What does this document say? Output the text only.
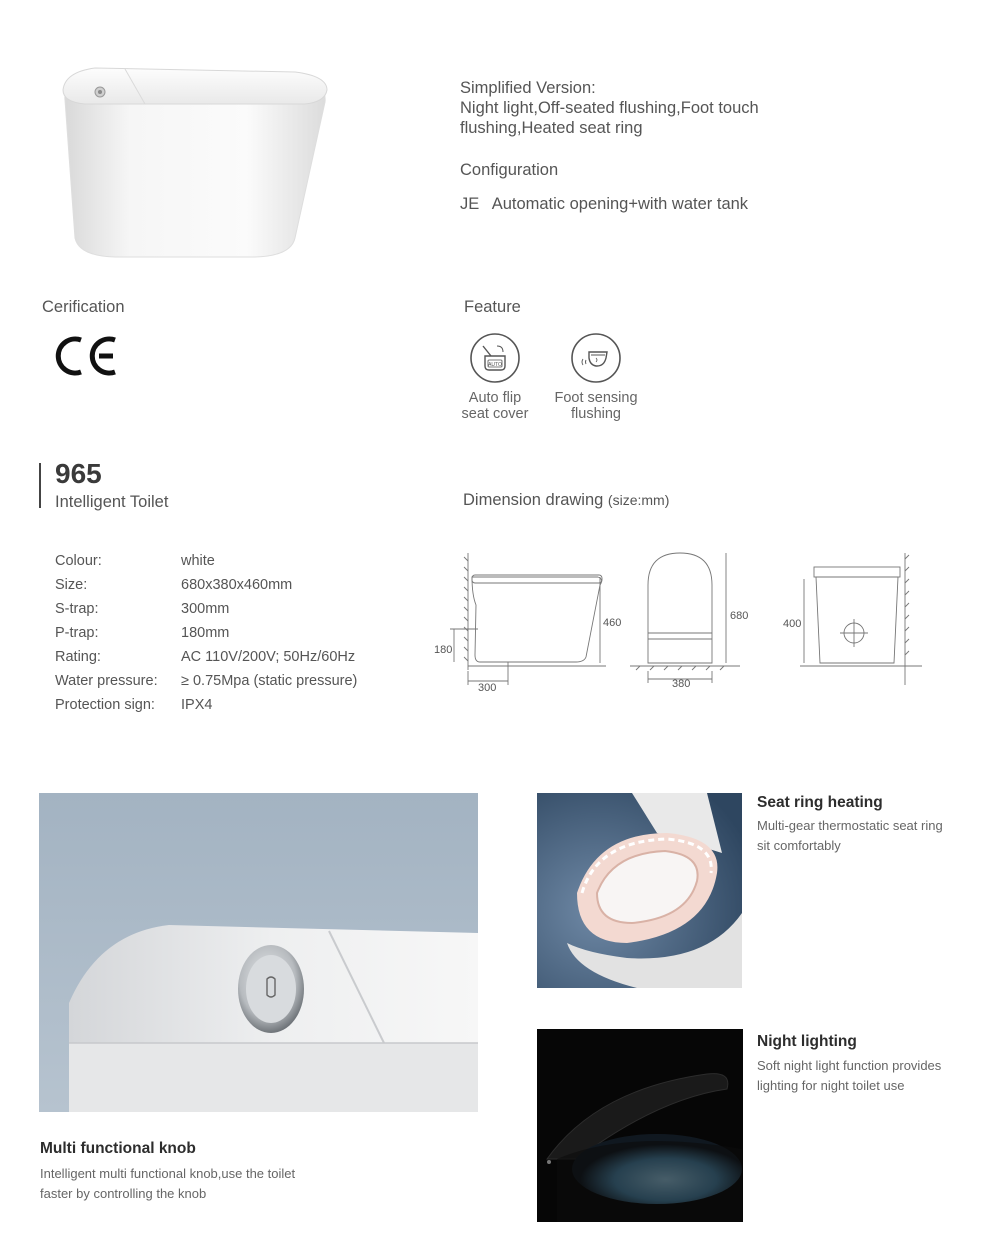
Simplified Version:

Night light,Off-seated flushing,Foot touch

flushing,Heated seat ring

Configuration

JE Automatic opening+with water tank

Cerification	Feature
AUTO
Auto flip
seat cover
Foot sensing
flushing
965
Intelligent Toilet	Dimension drawing (size:mm)
460
180
300
680
380
400
Colour:	white
Size:	680x380x460mm
S-trap:	300mm
P-trap:	180mm
Rating:	AC 110V/200V; 50Hz/60Hz
Water pressure: ≥ 0.75Mpa (static pressure)
Protection sign: IPX4
Multi functional knob
Intelligent multi functional knob,use the toilet
faster by controlling the knob
Seat ring heating
Multi-gear thermostatic seat ring
sit comfortably
Night lighting
Soft night light function provides
lighting for night toilet use
